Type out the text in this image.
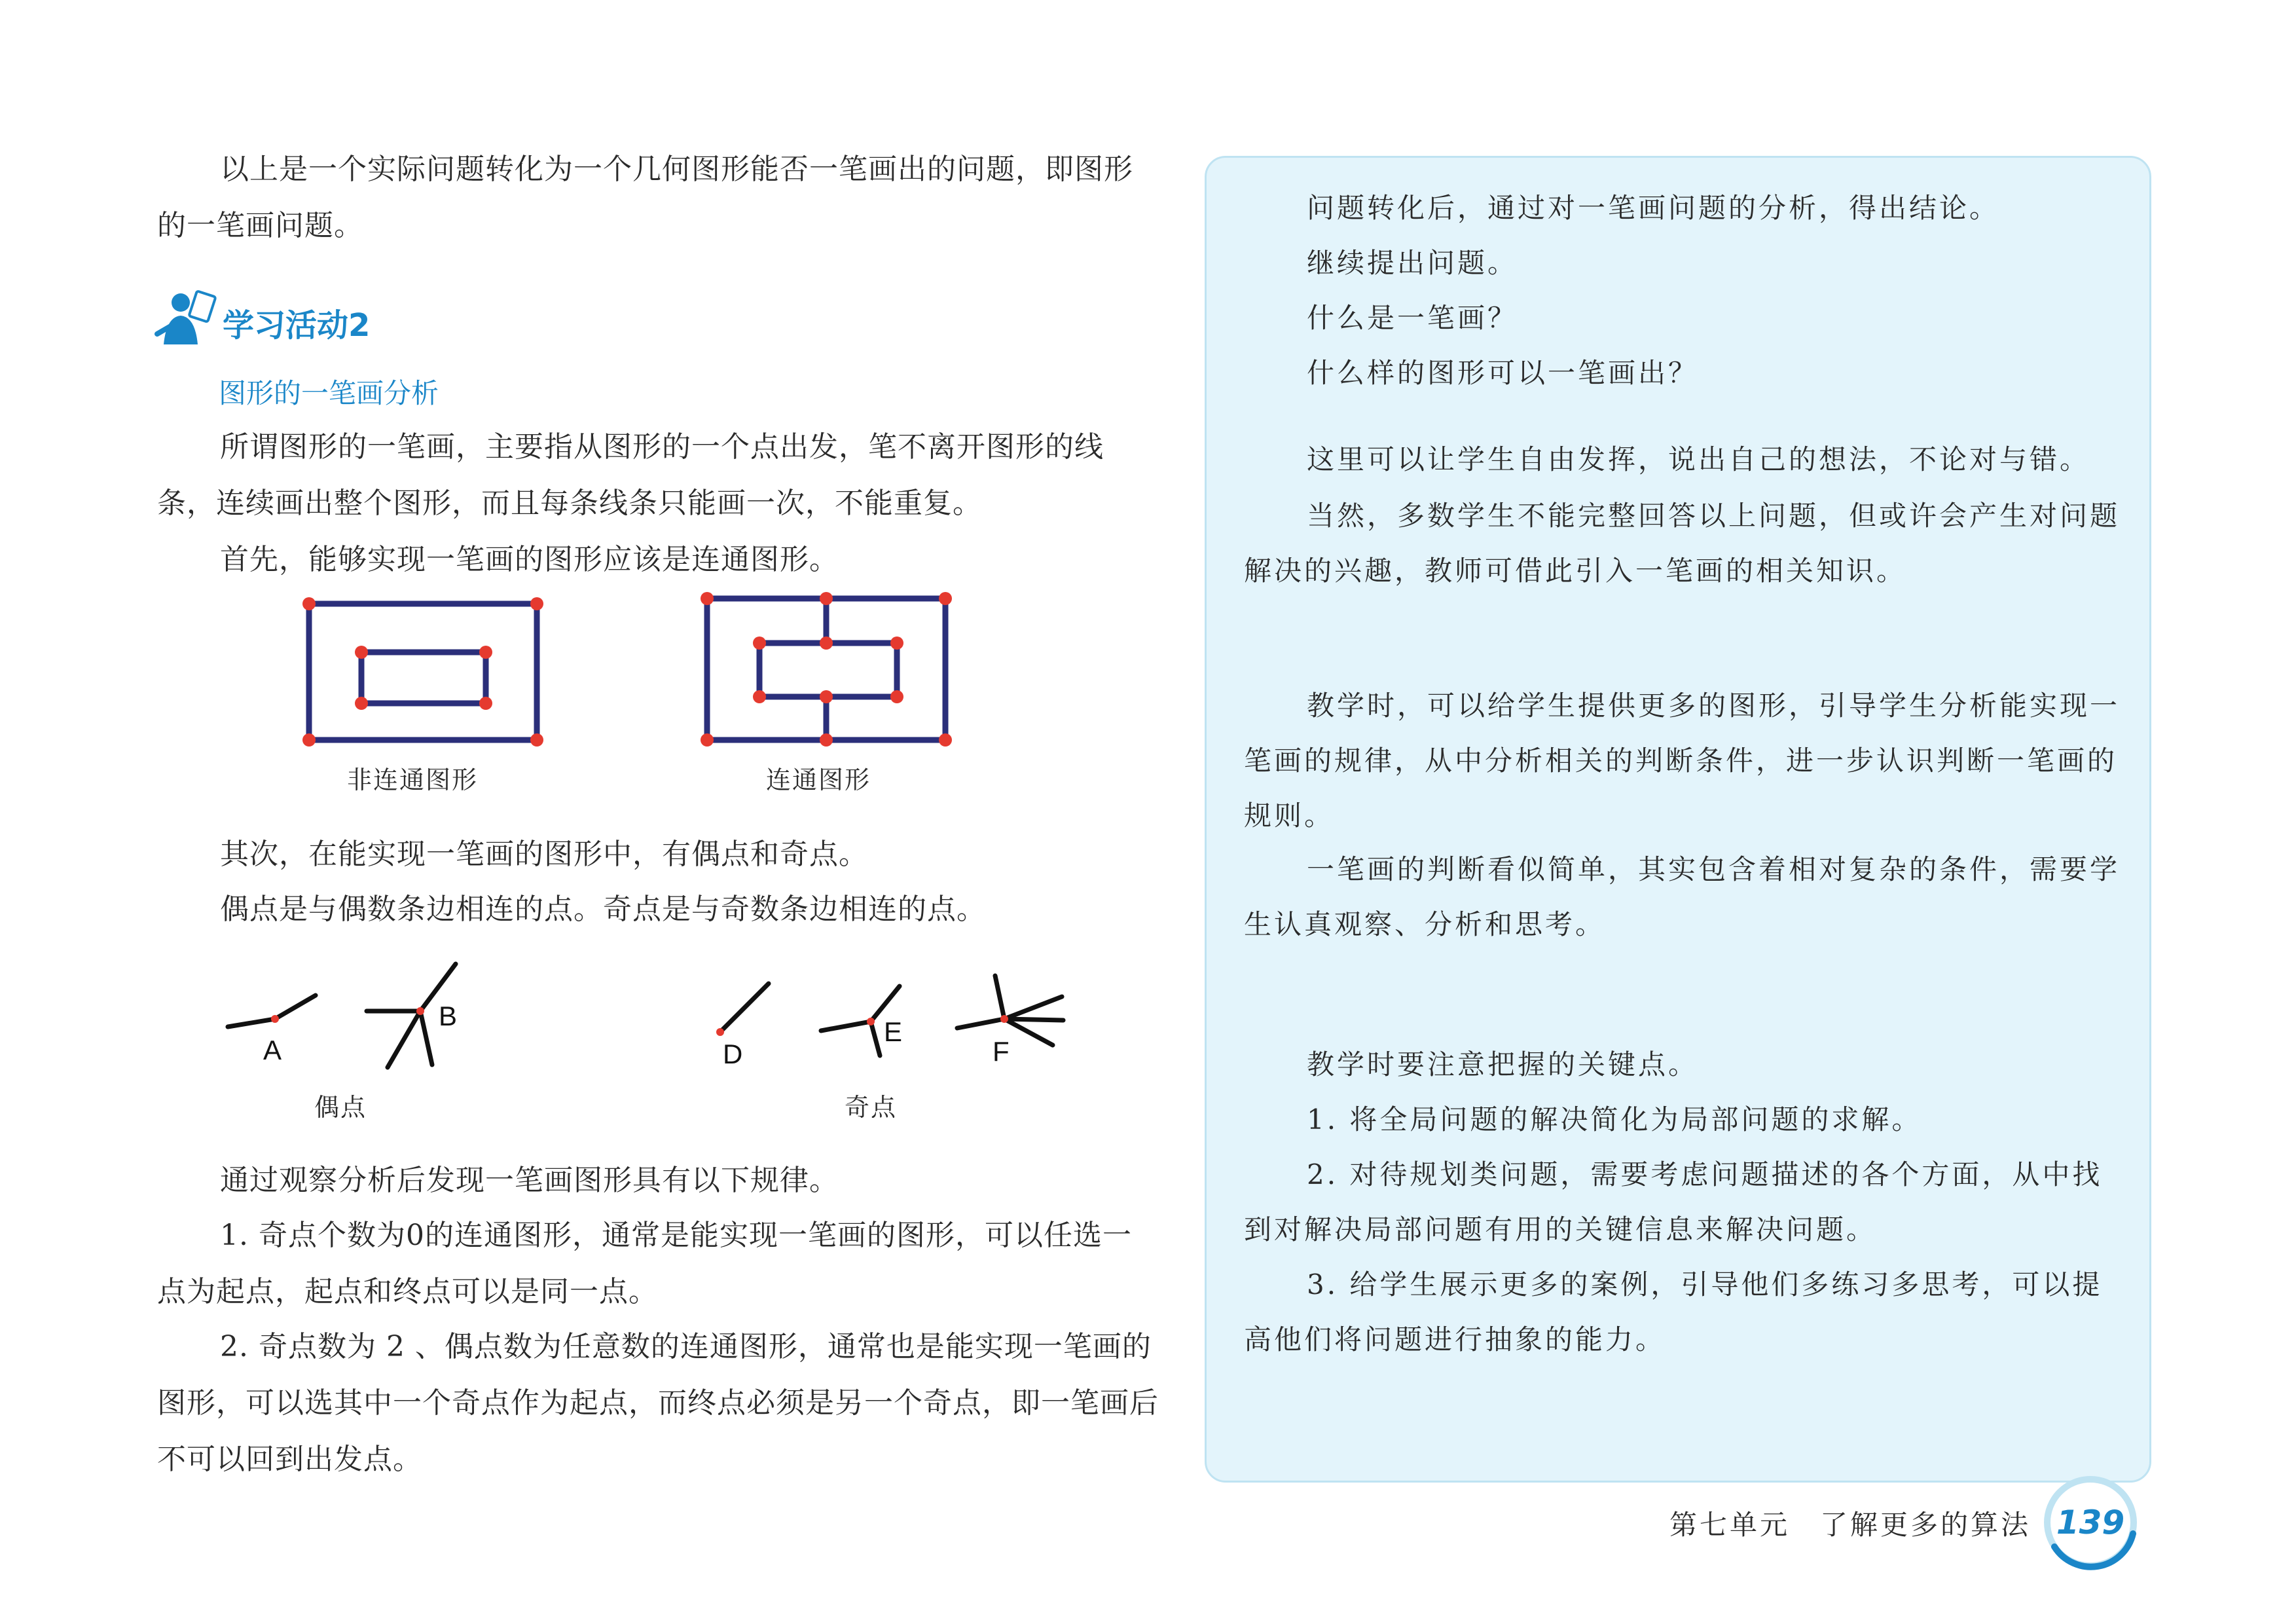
以上是一个实际问题转化为一个几何图形能否一笔画出的问题，即图形的一笔画问题。

学习活动2
图形的一笔画分析

所谓图形的一笔画，主要指从图形的一个点出发，笔不离开图形的线条，连续画出整个图形，而且每条线条只能画一次，不能重复。

首先，能够实现一笔画的图形应该是连通图形。

非连通图形	连通图形

其次，在能实现一笔画的图形中，有偶点和奇点。

偶点是与偶数条边相连的点。奇点是与奇数条边相连的点。

A
B
D
E
F
偶点	奇点

通过观察分析后发现一笔画图形具有以下规律。

1. 奇点个数为0的连通图形，通常是能实现一笔画的图形，可以任选一点为起点，起点和终点可以是同一点。

2. 奇点数为 2 、偶点数为任意数的连通图形，通常也是能实现一笔画的图形，可以选其中一个奇点作为起点，而终点必须是另一个奇点，即一笔画后不可以回到出发点。

问题转化后，通过对一笔画问题的分析，得出结论。

继续提出问题。

什么是一笔画？

什么样的图形可以一笔画出？

这里可以让学生自由发挥，说出自己的想法，不论对与错。

当然，多数学生不能完整回答以上问题，但或许会产生对问题解决的兴趣，教师可借此引入一笔画的相关知识。

教学时，可以给学生提供更多的图形，引导学生分析能实现一笔画的规律，从中分析相关的判断条件，进一步认识判断一笔画的规则。

一笔画的判断看似简单，其实包含着相对复杂的条件，需要学生认真观察、分析和思考。

教学时要注意把握的关键点。

1. 将全局问题的解决简化为局部问题的求解。

2. 对待规划类问题，需要考虑问题描述的各个方面，从中找到对解决局部问题有用的关键信息来解决问题。

3. 给学生展示更多的案例，引导他们多练习多思考，可以提高他们将问题进行抽象的能力。

第七单元　了解更多的算法 139
